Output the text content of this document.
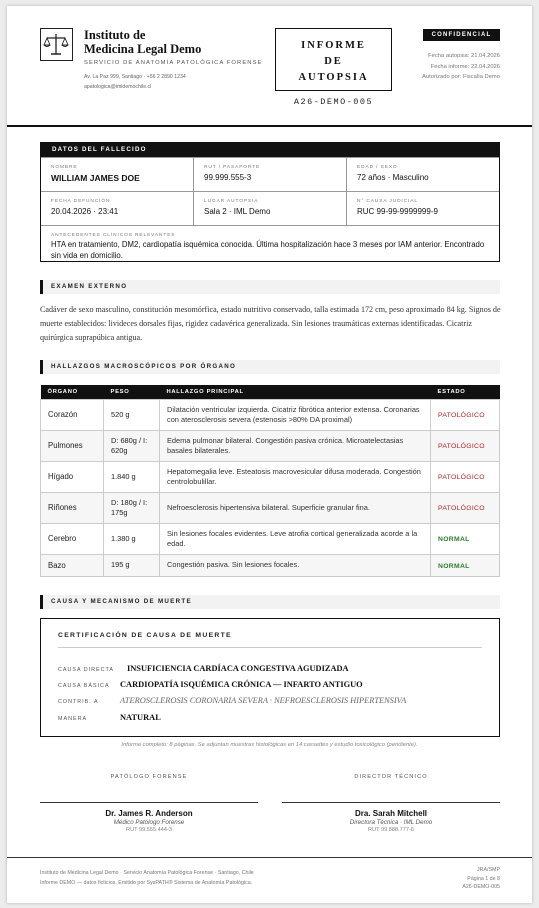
Instituto de
Medicina Legal Demo
SERVICIO DE ANATOMÍA PATOLÓGICA FORENSE
Av. La Paz 999, Santiago · +56 2 2890 1234
apatologica@imldemochile.cl
INFORME
DE
AUTOPSIA
A26-DEMO-005
CONFIDENCIAL
Fecha autopsia: 21.04.2026
Fecha informe: 22.04.2026
Autorizado por: Fiscalía Demo
DATOS DEL FALLECIDO
NOMBRE
WILLIAM JAMES DOE
RUT / PASAPORTE
99.999.555-3
EDAD / SEXO
72 años · Masculino
FECHA DEFUNCIÓN
20.04.2026 · 23:41
LUGAR AUTOPSIA
Sala 2 · IML Demo
N° CAUSA JUDICIAL
RUC 99-99-9999999-9
ANTECEDENTES CLÍNICOS RELEVANTES
HTA en tratamiento, DM2, cardiopatía isquémica conocida. Última hospitalización hace 3 meses por IAM anterior. Encontrado sin vida en domicilio.
EXAMEN EXTERNO
Cadáver de sexo masculino, constitución mesomórfica, estado nutritivo conservado, talla estimada 172 cm, peso aproximado 84 kg. Signos de muerte establecidos: livideces dorsales fijas, rigidez cadavérica generalizada. Sin lesiones traumáticas externas identificadas. Cicatriz quirúrgica suprapúbica antigua.
HALLAZGOS MACROSCÓPICOS POR ÓRGANO
ÓRGANO	PESO	HALLAZGO PRINCIPAL	ESTADO
Corazón	520 g	Dilatación ventricular izquierda. Cicatriz fibrótica anterior extensa. Coronarias con aterosclerosis severa (estenosis >80% DA proximal)	PATOLÓGICO
Pulmones	D: 680g / I: 620g	Edema pulmonar bilateral. Congestión pasiva crónica. Microatelectasias basales bilaterales.	PATOLÓGICO
Hígado	1.840 g	Hepatomegalia leve. Esteatosis macrovesicular difusa moderada. Congestión centrolobulillar.	PATOLÓGICO
Riñones	D: 180g / I: 175g	Nefroesclerosis hipertensiva bilateral. Superficie granular fina.	PATOLÓGICO
Cerebro	1.380 g	Sin lesiones focales evidentes. Leve atrofia cortical generalizada acorde a la edad.	NORMAL
Bazo	195 g	Congestión pasiva. Sin lesiones focales.	NORMAL
CAUSA Y MECANISMO DE MUERTE
CERTIFICACIÓN DE CAUSA DE MUERTE
CAUSA DIRECTA INSUFICIENCIA CARDÍACA CONGESTIVA AGUDIZADA
CAUSA BÁSICA CARDIOPATÍA ISQUÉMICA CRÓNICA — INFARTO ANTIGUO
CONTRIB. A	ATEROSCLEROSIS CORONARIA SEVERA · NEFROESCLEROSIS HIPERTENSIVA
MANERA	NATURAL
Informe completo: 8 páginas. Se adjuntan muestras histológicas en 14 cassettes y estudio toxicológico (pendiente).
PATÓLOGO FORENSE
Dr. James R. Anderson
Médico Patólogo Forense
RUT 99.555.444-3
DIRECTOR TÉCNICO
Dra. Sarah Mitchell
Directora Técnica · IML Demo
RUT 99.888.777-6
Instituto de Medicina Legal Demo · Servicio Anatomía Patológica Forense · Santiago, Chile
Informe DEMO — datos ficticios. Emitido por SysPATH® Sistema de Anatomía Patológica.
JRA/SMP
Página 1 de 8
A26-DEMO-005
